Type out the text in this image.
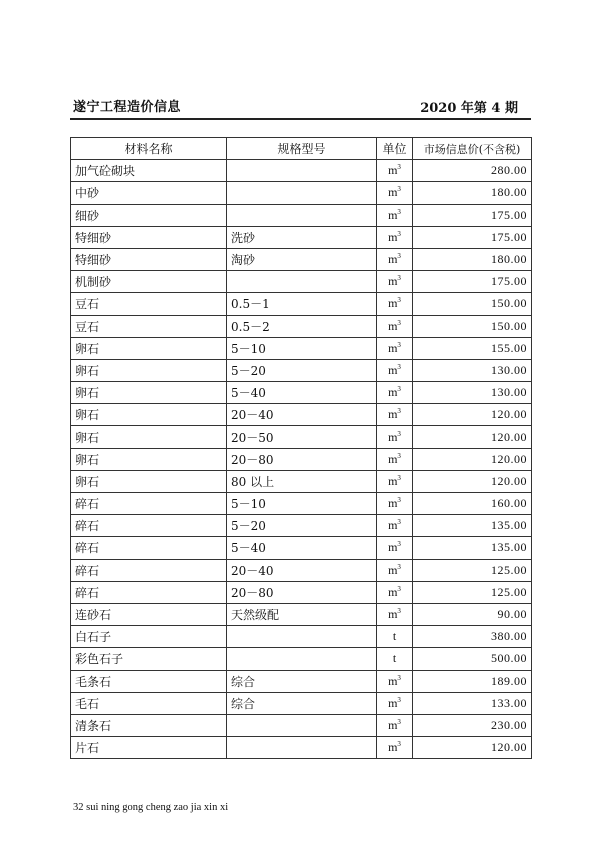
遂宁工程造价信息	2020 年第 4 期
材料名称	规格型号	单位	市场信息价(不含税)
加气砼砌块		$m^3$	280.00
中砂		$m^3$	180.00
细砂		$m^3$	175.00
特细砂	洗砂	$m^3$	175.00
特细砂	淘砂	$m^3$	180.00
机制砂		$m^3$	175.00
豆石	0.5－1	$m^3$	150.00
豆石	0.5－2	$m^3$	150.00
卵石	5－10	$m^3$	155.00
卵石	5－20	$m^3$	130.00
卵石	5－40	$m^3$	130.00
卵石	20－40	$m^3$	120.00
卵石	20－50	$m^3$	120.00
卵石	20－80	$m^3$	120.00
卵石	80 以上	$m^3$	120.00
碎石	5－10	$m^3$	160.00
碎石	5－20	$m^3$	135.00
碎石	5－40	$m^3$	135.00
碎石	20－40	$m^3$	125.00
碎石	20－80	$m^3$	125.00
连砂石	天然级配	$m^3$	90.00
白石子		t	380.00
彩色石子		t	500.00
毛条石	综合	$m^3$	189.00
毛石	综合	$m^3$	133.00
清条石		$m^3$	230.00
片石		$m^3$	120.00
32 sui ning gong cheng zao jia xin xi
